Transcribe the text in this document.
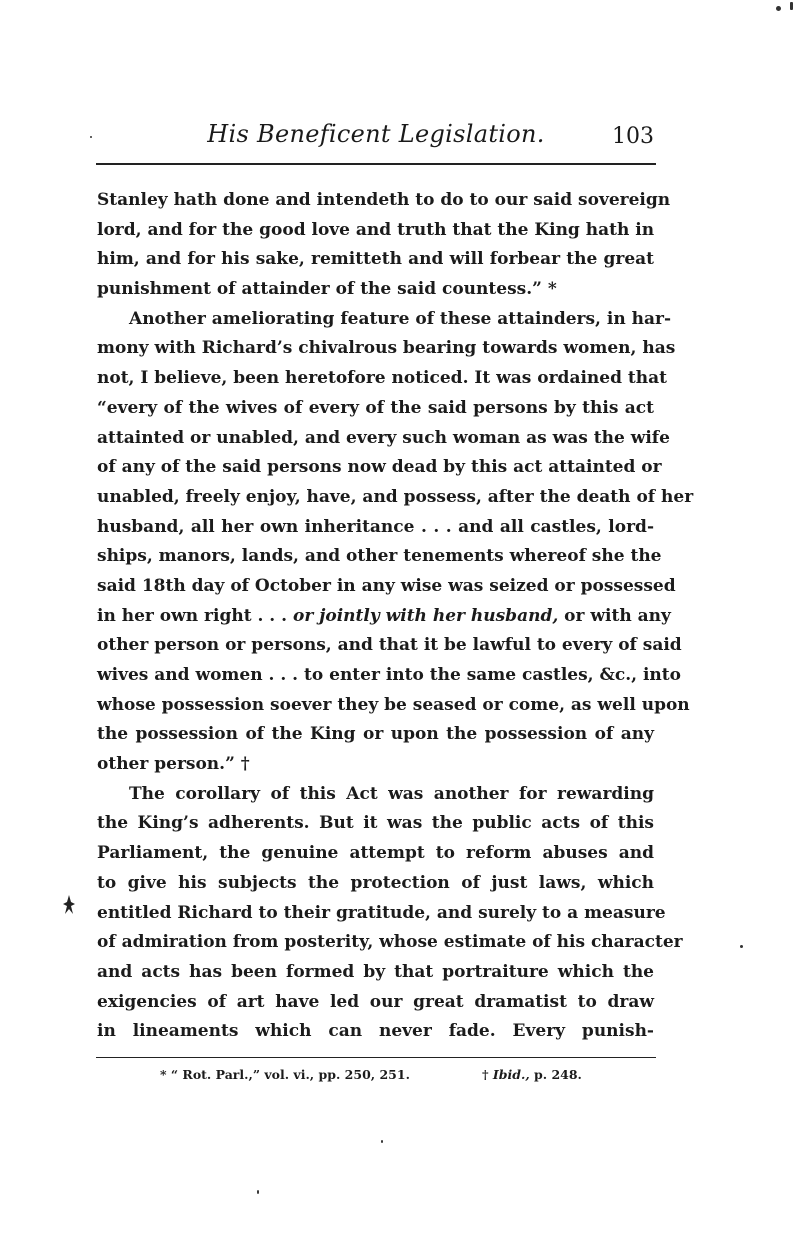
His Beneficent Legislation.	103
Stanley hath done and intendeth to do to our said sovereign
lord, and for the good love and truth that the King hath in
him, and for his sake, remitteth and will forbear the great
punishment of attainder of the said countess.” *
Another ameliorating feature of these attainders, in har-
mony with Richard’s chivalrous bearing towards women, has
not, I believe, been heretofore noticed. It was ordained that
“every of the wives of every of the said persons by this act
attainted or unabled, and every such woman as was the wife
of any of the said persons now dead by this act attainted or
unabled, freely enjoy, have, and possess, after the death of her
husband, all her own inheritance . . . and all castles, lord-
ships, manors, lands, and other tenements whereof she the
said 18th day of October in any wise was seized or possessed
in her own right . . . or jointly with her husband, or with any
other person or persons, and that it be lawful to every of said
wives and women . . . to enter into the same castles, &c., into
whose possession soever they be seased or come, as well upon
the possession of the King or upon the possession of any
other person.” †
The corollary of this Act was another for rewarding
the King’s adherents. But it was the public acts of this
Parliament, the genuine attempt to reform abuses and
to give his subjects the protection of just laws, which
entitled Richard to their gratitude, and surely to a measure
of admiration from posterity, whose estimate of his character
and acts has been formed by that portraiture which the
exigencies of art have led our great dramatist to draw
in lineaments which can never fade. Every punish-
* “ Rot. Parl.,” vol. vi., pp. 250, 251.	† Ibid., p. 248.
